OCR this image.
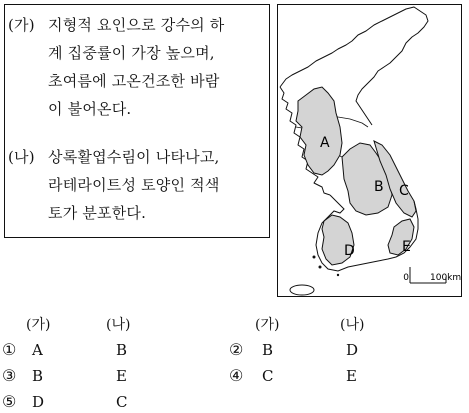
(가) 지형적 요인으로 강수의 하
계 집중률이 가장 높으며,
초여름에 고온건조한 바람
이 불어온다.
(나) 상록활엽수림이 나타나고,
라테라이트성 토양인 적색
토가 분포한다.
0 100km
A
B C
D	E
(가)	(나)	(가)	(나)
① A	B	② B	D
③ B	E	④ C	E
⑤ D	C
